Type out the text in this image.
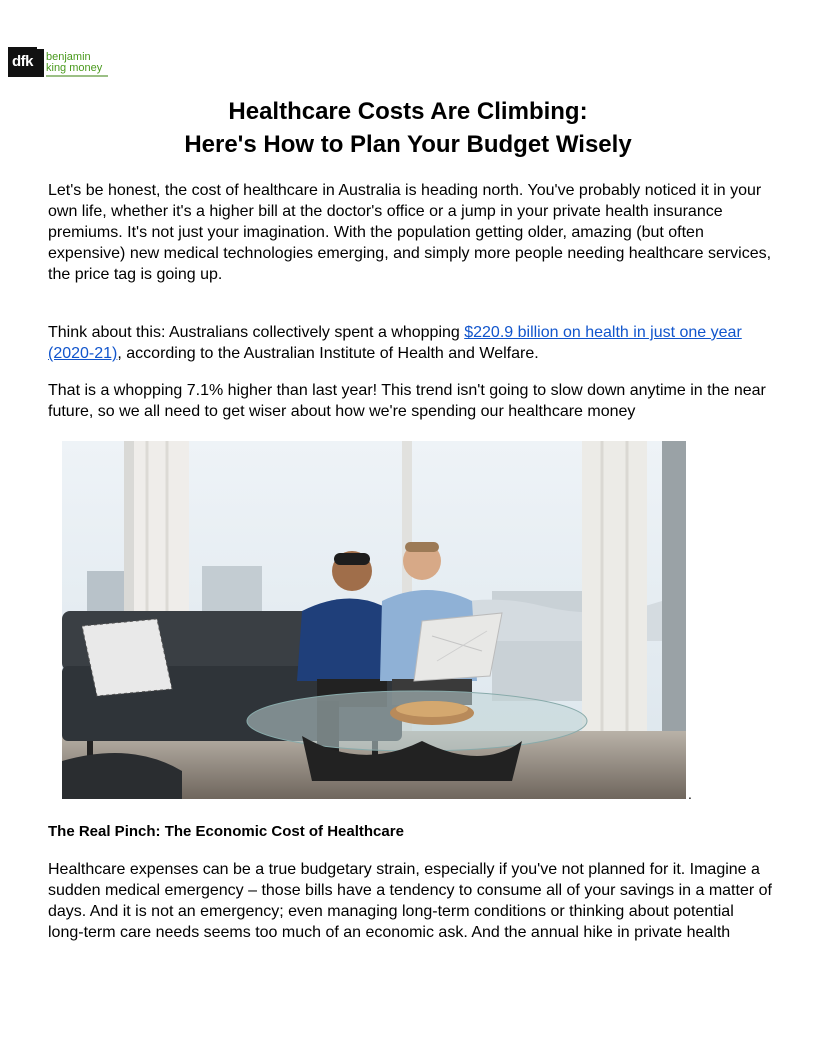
dfk	benjamin
king money
Healthcare Costs Are Climbing:
Here's How to Plan Your Budget Wisely

Let's be honest, the cost of healthcare in Australia is heading north. You've probably noticed it in your own life, whether it's a higher bill at the doctor's office or a jump in your private health insurance premiums. It's not just your imagination. With the population getting older, amazing (but often expensive) new medical technologies emerging, and simply more people needing healthcare services, the price tag is going up.

Think about this: Australians collectively spent a whopping $220.9 billion on health in just one year (2020-21), according to the Australian Institute of Health and Welfare.

That is a whopping 7.1% higher than last year! This trend isn't going to slow down anytime in the near future, so we all need to get wiser about how we're spending our healthcare money

.
The Real Pinch: The Economic Cost of Healthcare

Healthcare expenses can be a true budgetary strain, especially if you've not planned for it. Imagine a sudden medical emergency – those bills have a tendency to consume all of your savings in a matter of days. And it is not an emergency; even managing long-term conditions or thinking about potential long-term care needs seems too much of an economic ask. And the annual hike in private health
